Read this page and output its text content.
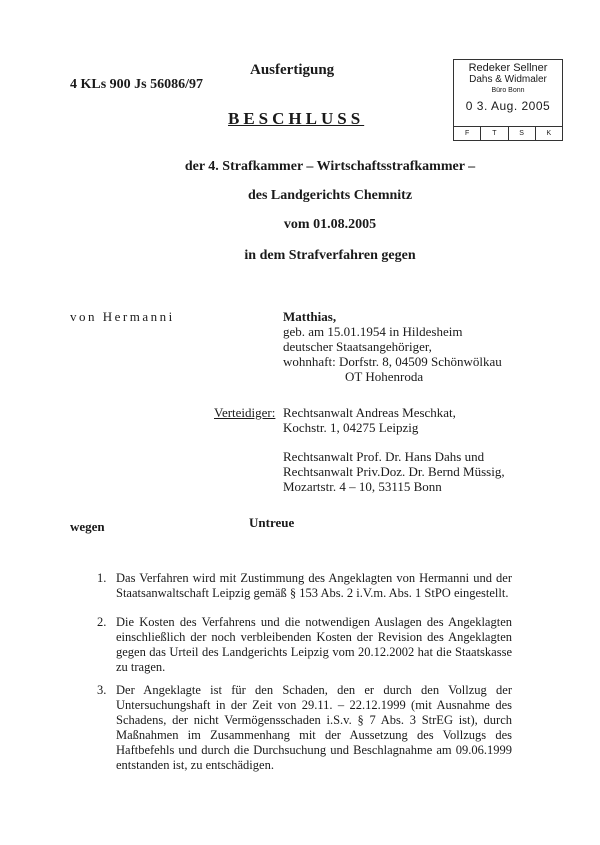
4 KLs 900 Js 56086/97
Ausfertigung
BESCHLUSS
Redeker Sellner
Dahs & Widmaler
Büro Bonn
0 3. Aug. 2005
F	T	S	K
der 4. Strafkammer – Wirtschaftsstrafkammer –
des Landgerichts Chemnitz
vom 01.08.2005
in dem Strafverfahren gegen
von Hermanni	Matthias,
geb. am 15.01.1954 in Hildesheim
deutscher Staatsangehöriger,
wohnhaft: Dorfstr. 8, 04509 Schönwölkau
OT Hohenroda
Verteidiger: Rechtsanwalt Andreas Meschkat,
Kochstr. 1, 04275 Leipzig
Rechtsanwalt Prof. Dr. Hans Dahs und
Rechtsanwalt Priv.Doz. Dr. Bernd Müssig,
Mozartstr. 4 – 10, 53115 Bonn
wegen	Untreue
1. Das Verfahren wird mit Zustimmung des Angeklagten von Hermanni und der Staatsanwaltschaft Leipzig gemäß § 153 Abs. 2 i.V.m. Abs. 1 StPO eingestellt.
2. Die Kosten des Verfahrens und die notwendigen Auslagen des Angeklagten einschließlich der noch verbleibenden Kosten der Revision des Angeklagten gegen das Urteil des Landgerichts Leipzig vom 20.12.2002 hat die Staatskasse zu tragen.
3. Der Angeklagte ist für den Schaden, den er durch den Vollzug der Untersuchungshaft in der Zeit von 29.11. – 22.12.1999 (mit Ausnahme des Schadens, der nicht Vermögensschaden i.S.v. § 7 Abs. 3 StrEG ist), durch Maßnahmen im Zusammenhang mit der Aussetzung des Vollzugs des Haftbefehls und durch die Durchsuchung und Beschlagnahme am 09.06.1999 entstanden ist, zu entschädigen.
